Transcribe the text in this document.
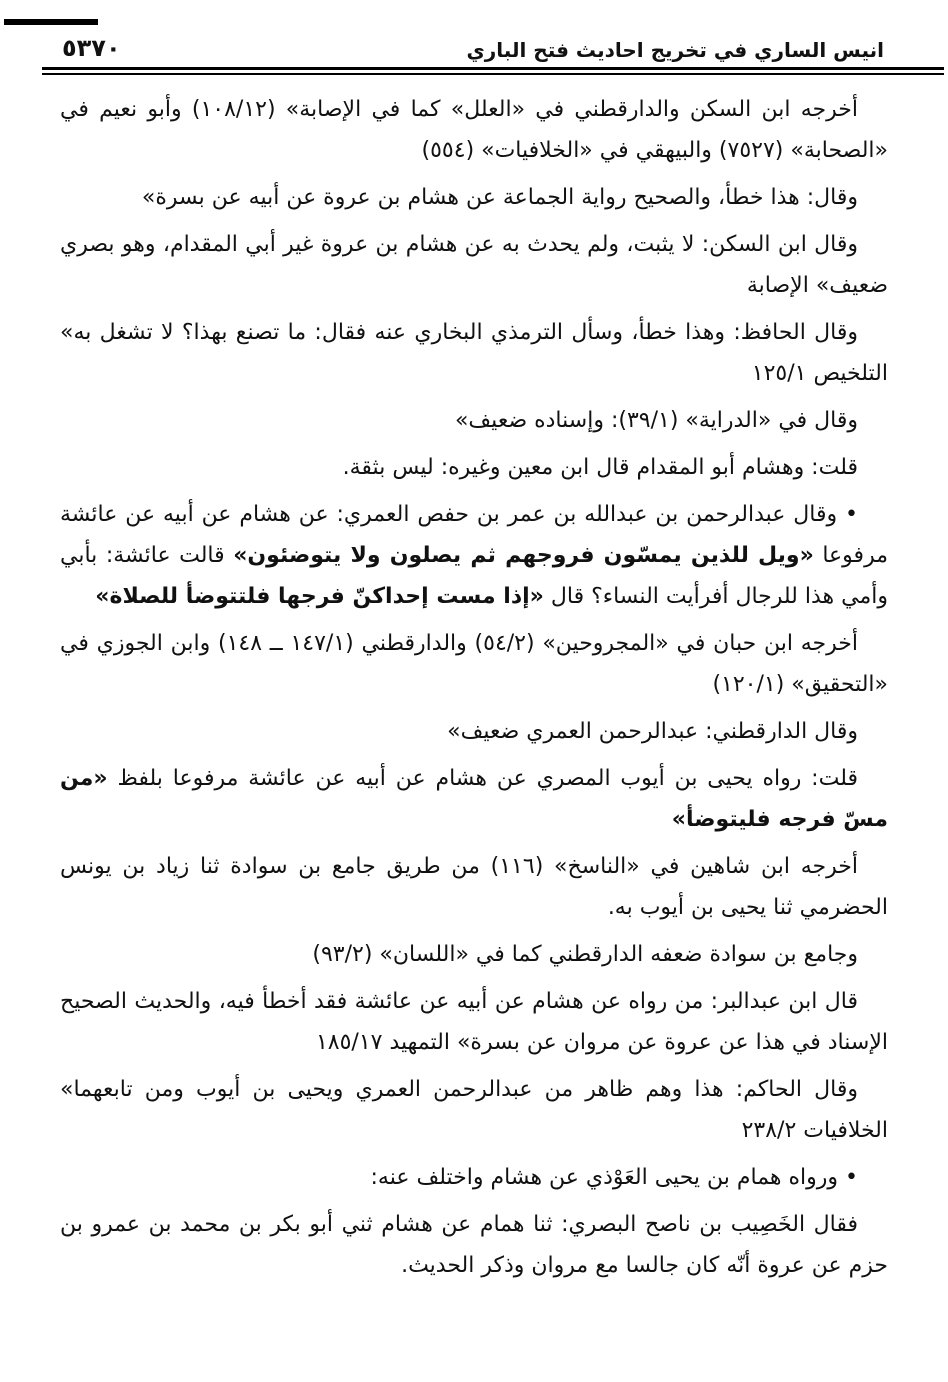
انيس الساري في تخريج احاديث فتح الباري
٥٣٧٠

أخرجه ابن السكن والدارقطني في «العلل» كما في الإصابة» (١٠٨/١٢) وأبو نعيم في «الصحابة» (٧٥٢٧) والبيهقي في «الخلافيات» (٥٥٤)

وقال: هذا خطأ، والصحيح رواية الجماعة عن هشام بن عروة عن أبيه عن بسرة»

وقال ابن السكن: لا يثبت، ولم يحدث به عن هشام بن عروة غير أبي المقدام، وهو بصري ضعيف» الإصابة

وقال الحافظ: وهذا خطأ، وسأل الترمذي البخاري عنه فقال: ما تصنع بهذا؟ لا تشغل به» التلخيص ١٢٥/١

وقال في «الدراية» (٣٩/١): وإسناده ضعيف»

قلت: وهشام أبو المقدام قال ابن معين وغيره: ليس بثقة.

• وقال عبدالرحمن بن عبدالله بن عمر بن حفص العمري: عن هشام عن أبيه عن عائشة مرفوعا «ويل للذين يمسّون فروجهم ثم يصلون ولا يتوضئون» قالت عائشة: بأبي وأمي هذا للرجال أفرأيت النساء؟ قال «إذا مست إحداكنّ فرجها فلتتوضأ للصلاة»

أخرجه ابن حبان في «المجروحين» (٥٤/٢) والدارقطني (١٤٧/١ ــ ١٤٨) وابن الجوزي في «التحقيق» (١٢٠/١)

وقال الدارقطني: عبدالرحمن العمري ضعيف»

قلت: رواه يحيى بن أيوب المصري عن هشام عن أبيه عن عائشة مرفوعا بلفظ «من مسّ فرجه فليتوضأ»

أخرجه ابن شاهين في «الناسخ» (١١٦) من طريق جامع بن سوادة ثنا زياد بن يونس الحضرمي ثنا يحيى بن أيوب به.

وجامع بن سوادة ضعفه الدارقطني كما في «اللسان» (٩٣/٢)

قال ابن عبدالبر: من رواه عن هشام عن أبيه عن عائشة فقد أخطأ فيه، والحديث الصحيح الإسناد في هذا عن عروة عن مروان عن بسرة» التمهيد ١٨٥/١٧

وقال الحاكم: هذا وهم ظاهر من عبدالرحمن العمري ويحيى بن أيوب ومن تابعهما» الخلافيات ٢٣٨/٢

• ورواه همام بن يحيى العَوْذي عن هشام واختلف عنه:

فقال الخَصِيب بن ناصح البصري: ثنا همام عن هشام ثني أبو بكر بن محمد بن عمرو بن حزم عن عروة أنّه كان جالسا مع مروان وذكر الحديث.
